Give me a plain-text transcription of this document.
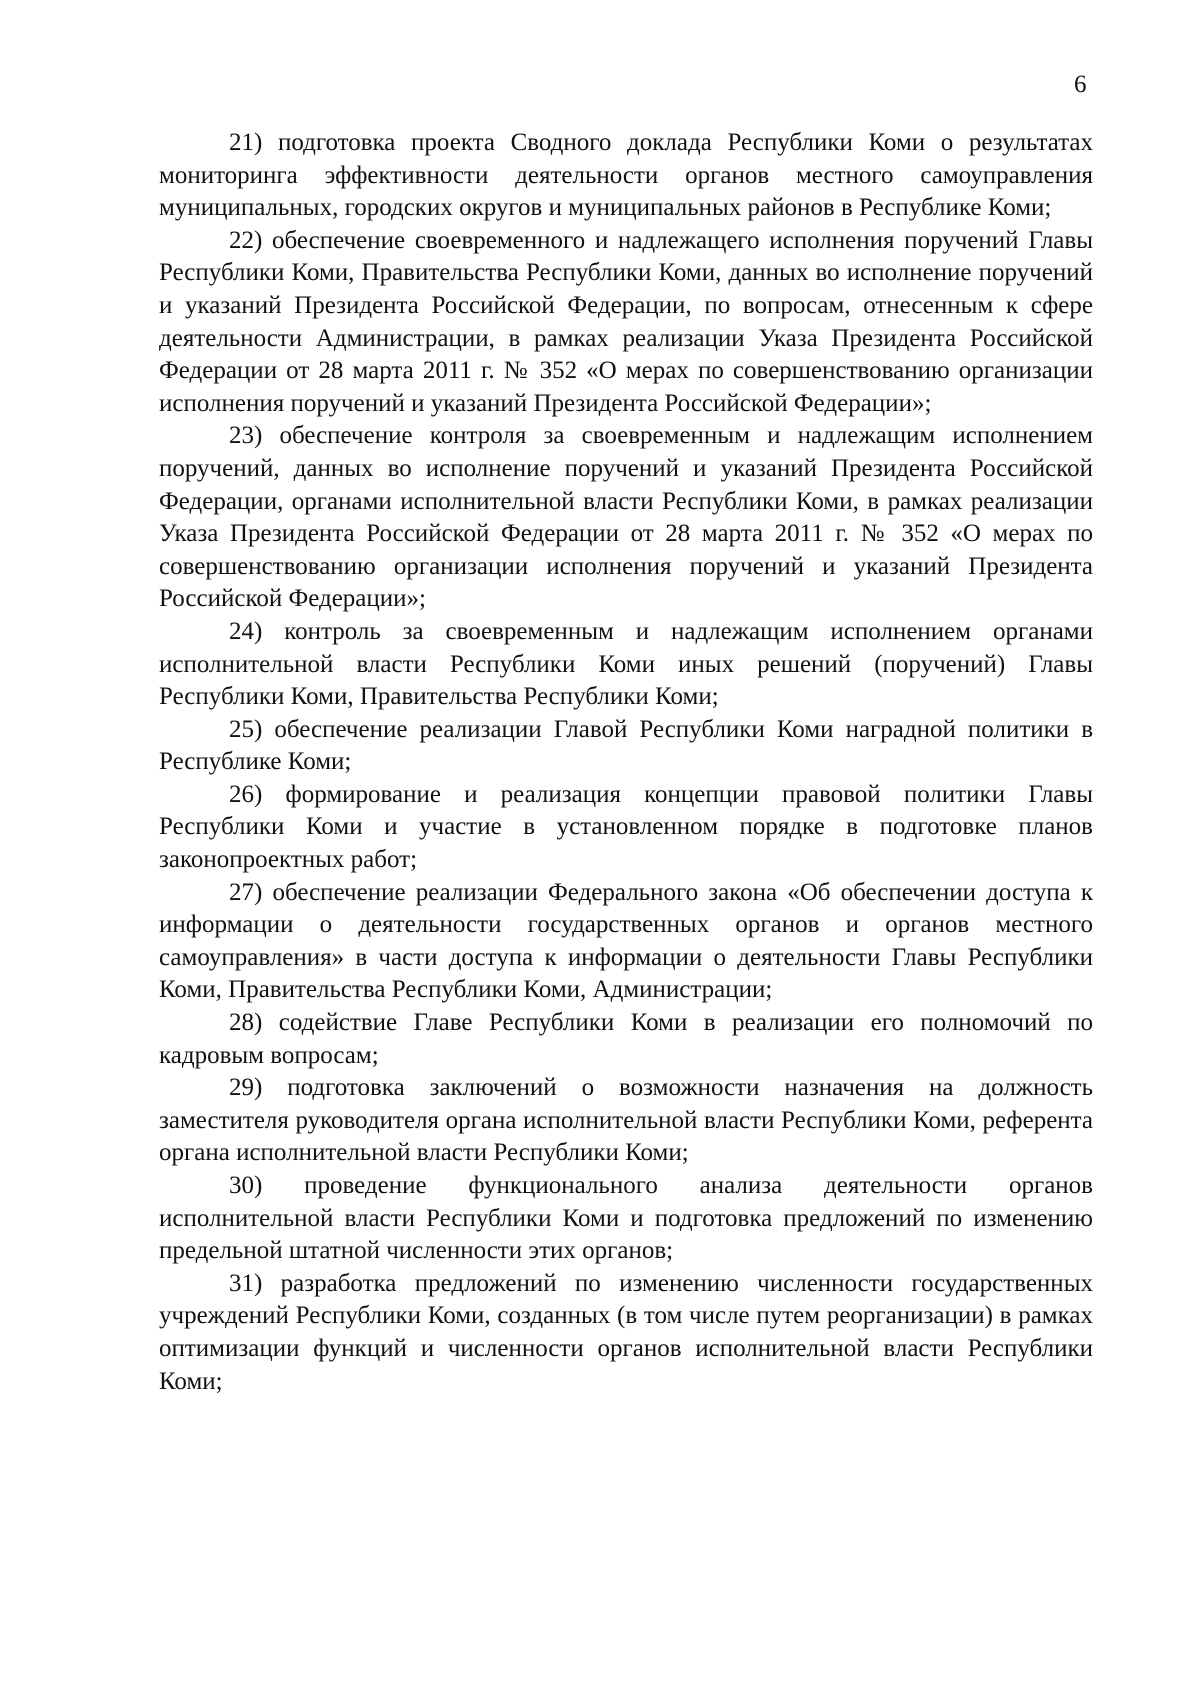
6

21) подготовка проекта Сводного доклада Республики Коми о результатах мониторинга эффективности деятельности органов местного самоуправления муниципальных, городских округов и муниципальных районов в Республике Коми;

22) обеспечение своевременного и надлежащего исполнения поручений Главы Республики Коми, Правительства Республики Коми, данных во исполнение поручений и указаний Президента Российской Федерации, по вопросам, отнесенным к сфере деятельности Администрации, в рамках реализации Указа Президента Российской Федерации от 28 марта 2011 г. № 352 «О мерах по совершенствованию организации исполнения поручений и указаний Президента Российской Федерации»;

23) обеспечение контроля за своевременным и надлежащим исполнением поручений, данных во исполнение поручений и указаний Президента Российской Федерации, органами исполнительной власти Республики Коми, в рамках реализации Указа Президента Российской Федерации от 28 марта 2011 г. № 352 «О мерах по совершенствованию организации исполнения поручений и указаний Президента Российской Федерации»;

24) контроль за своевременным и надлежащим исполнением органами исполнительной власти Республики Коми иных решений (поручений) Главы Республики Коми, Правительства Республики Коми;

25) обеспечение реализации Главой Республики Коми наградной политики в Республике Коми;

26) формирование и реализация концепции правовой политики Главы Республики Коми и участие в установленном порядке в подготовке планов законопроектных работ;

27) обеспечение реализации Федерального закона «Об обеспечении доступа к информации о деятельности государственных органов и органов местного самоуправления» в части доступа к информации о деятельности Главы Республики Коми, Правительства Республики Коми, Администрации;

28) содействие Главе Республики Коми в реализации его полномочий по кадровым вопросам;

29) подготовка заключений о возможности назначения на должность заместителя руководителя органа исполнительной власти Республики Коми, референта органа исполнительной власти Республики Коми;

30) проведение функционального анализа деятельности органов исполнительной власти Республики Коми и подготовка предложений по изменению предельной штатной численности этих органов;

31) разработка предложений по изменению численности государственных учреждений Республики Коми, созданных (в том числе путем реорганизации) в рамках оптимизации функций и численности органов исполнительной власти Республики Коми;
